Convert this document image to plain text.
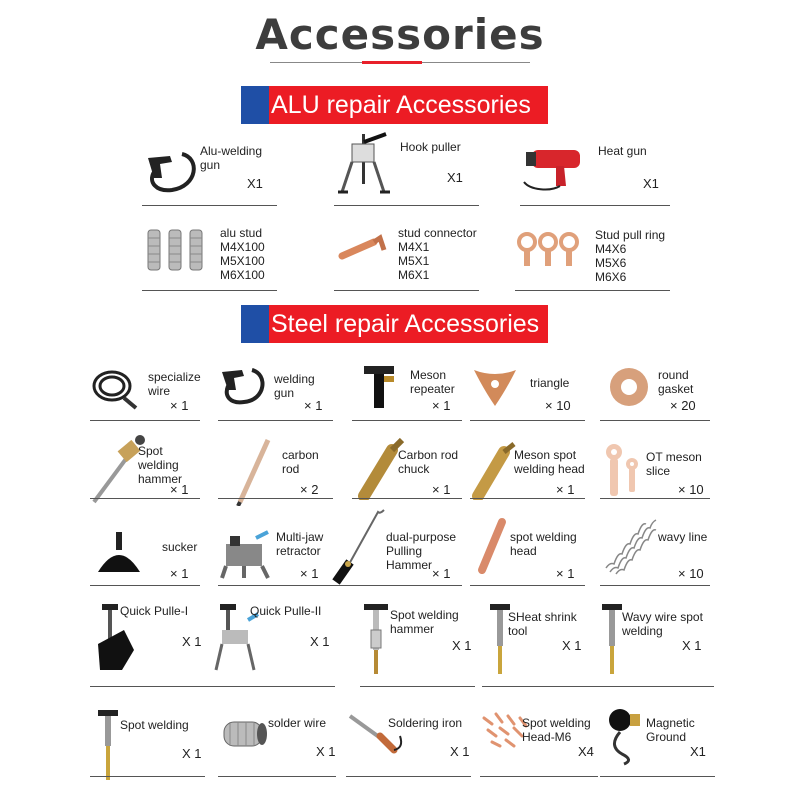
Accessories
ALU repair Accessories
Steel repair Accessories
Alu-welding
gun
X1
Hook puller
X1
Heat gun
X1
alu stud
M4X100
M5X100
M6X100
stud connector
M4X1
M5X1
M6X1
Stud pull ring
M4X6
M5X6
M6X6
specialize
wire
× 1
welding gun
× 1
Meson
repeater
× 1
triangle
× 10
round
gasket
× 20
Spot welding
hammer
× 1
carbon rod
× 2
Carbon rod
chuck
× 1
Meson spot
welding head
× 1
OT meson
slice
× 10
sucker
× 1
Multi-jaw
retractor
× 1
dual-purpose
Pulling Hammer
× 1
spot welding head
× 1
wavy line
× 10
Quick Pulle-I
X 1
Quick Pulle-II
X 1
Spot welding
hammer
X 1
SHeat shrink
tool
X 1
Wavy wire spot
welding
X 1
Spot welding
X 1
solder wire
X 1
Soldering iron
X 1
Spot welding
Head-M6
X4
Magnetic
Ground
X1
